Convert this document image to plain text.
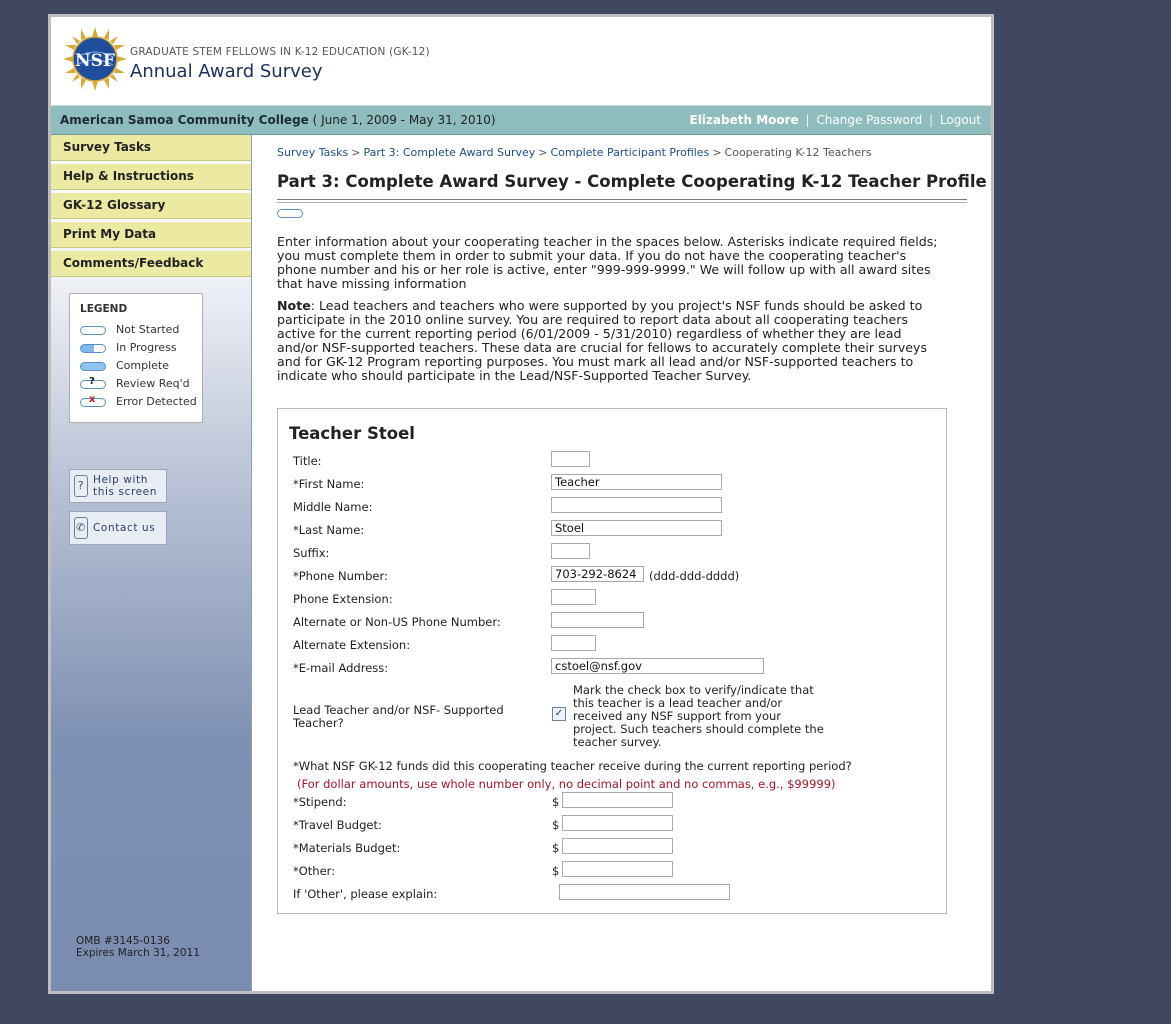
NSF GRADUATE STEM FELLOWS IN K-12 EDUCATION (GK-12)
Annual Award Survey
American Samoa Community College ( June 1, 2009 - May 31, 2010)	Elizabeth Moore | Change Password | Logout
Survey Tasks
Help & Instructions
GK-12 Glossary
Print My Data
Comments/Feedback
LEGEND
Not Started
In Progress
Complete
? Review Req'd
x Error Detected
? Help with
this screen
✆ Contact us
OMB #3145-0136
Expires March 31, 2011
Survey Tasks > Part 3: Complete Award Survey > Complete Participant Profiles > Cooperating K-12 Teachers
Part 3: Complete Award Survey - Complete Cooperating K-12 Teacher Profile
Enter information about your cooperating teacher in the spaces below. Asterisks indicate required fields; you must complete them in order to submit your data. If you do not have the cooperating teacher's phone number and his or her role is active, enter "999-999-9999." We will follow up with all award sites that have missing information
Note: Lead teachers and teachers who were supported by you project's NSF funds should be asked to participate in the 2010 online survey. You are required to report data about all cooperating teachers active for the current reporting period (6/01/2009 - 5/31/2010) regardless of whether they are lead and/or NSF-supported teachers. These data are crucial for fellows to accurately complete their surveys and for GK-12 Program reporting purposes. You must mark all lead and/or NSF-supported teachers to indicate who should participate in the Lead/NSF-Supported Teacher Survey.
Teacher Stoel
Title:
*First Name:	Teacher
Middle Name:
*Last Name:	Stoel
Suffix:
*Phone Number:	703-292-8624	(ddd-ddd-dddd)
Phone Extension:
Alternate or Non-US Phone Number:
Alternate Extension:
*E-mail Address:	cstoel@nsf.gov
Lead Teacher and/or NSF- Supported Teacher?
✓
Mark the check box to verify/indicate that this teacher is a lead teacher and/or received any NSF support from your project. Such teachers should complete the teacher survey.
*What NSF GK-12 funds did this cooperating teacher receive during the current reporting period?
(For dollar amounts, use whole number only, no decimal point and no commas, e.g., $99999)
*Stipend:	$
*Travel Budget:	$
*Materials Budget:	$
*Other:	$
If 'Other', please explain:
